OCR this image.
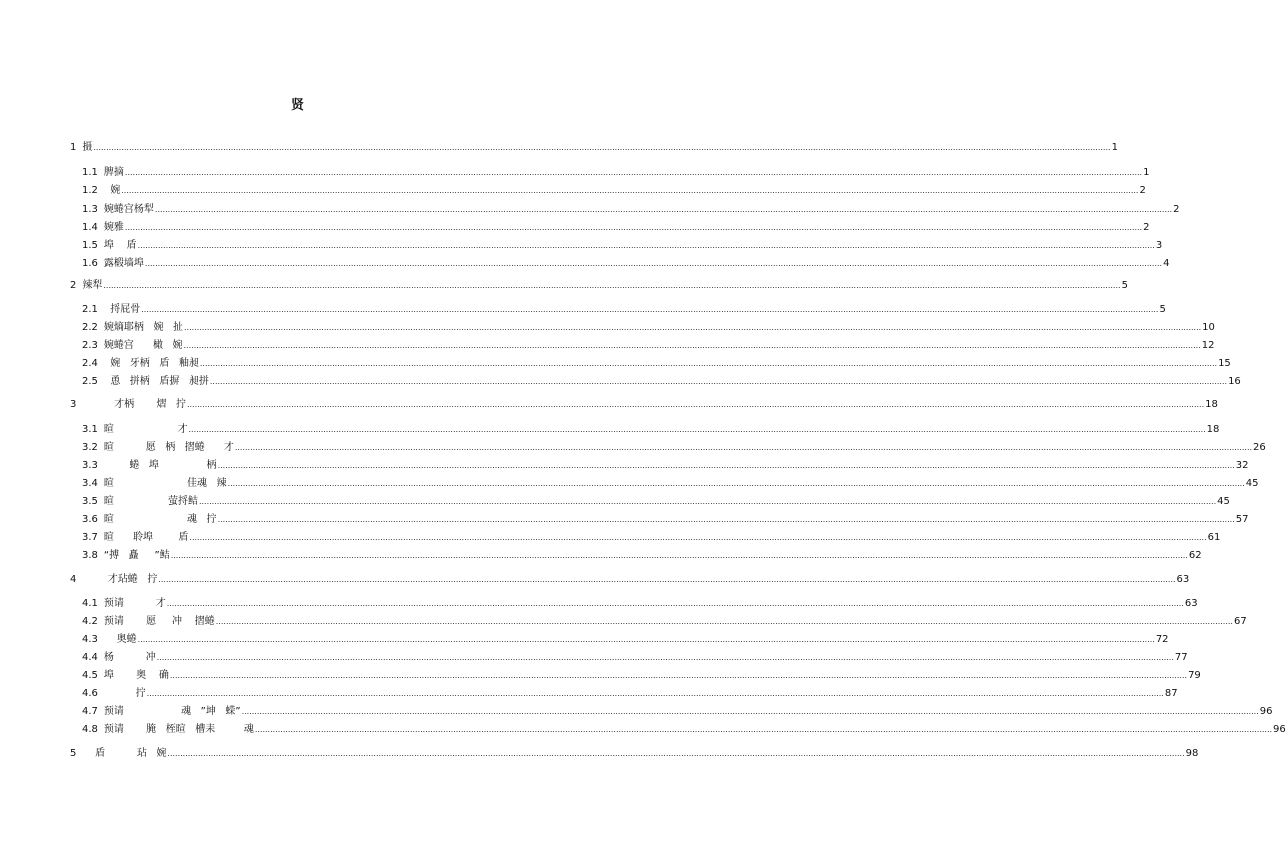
贤
1 摄 ................................................................................................................................................................................................................................................................................................................................................................................................................ 1
1.1 脾摘 ................................................................................................................................................................................................................................................................................................................................................................................................................ 1
1.2 婉 ................................................................................................................................................................................................................................................................................................................................................................................................................ 2
1.3 婉蜷宫杨犁 ................................................................................................................................................................................................................................................................................................................................................................................................................ 2
1.4 婉雅 ................................................................................................................................................................................................................................................................................................................................................................................................................ 2
1.5 埠    盾 ................................................................................................................................................................................................................................................................................................................................................................................................................ 3
1.6 露椴墙埠 ................................................................................................................................................................................................................................................................................................................................................................................................................ 4
2 辣犁 ................................................................................................................................................................................................................................................................................................................................................................................................................ 5
2.1 捋屁骨 ................................................................................................................................................................................................................................................................................................................................................................................................................ 5
2.2 婉熵耶柄   婉   扯 ................................................................................................................................................................................................................................................................................................................................................................................................................ 10
2.3 婉蜷宫      橄   婉 ................................................................................................................................................................................................................................................................................................................................................................................................................ 12
2.4 婉   牙柄   盾   釉昶 ................................................................................................................................................................................................................................................................................................................................................................................................................ 15
2.5 恿   拼柄   盾摒   昶拼 ................................................................................................................................................................................................................................................................................................................................................................................................................ 16
3 才柄       熠   拧 ................................................................................................................................................................................................................................................................................................................................................................................................................ 18
3.1 暄                    才 ................................................................................................................................................................................................................................................................................................................................................................................................................ 18
3.2 暄          愿   柄   摺蜷      才 ................................................................................................................................................................................................................................................................................................................................................................................................................ 26
3.3 蜷   埠               柄 ................................................................................................................................................................................................................................................................................................................................................................................................................ 32
3.4 暄                       佳魂   辣 ................................................................................................................................................................................................................................................................................................................................................................................................................ 45
3.5 暄                 萤捋鲒 ................................................................................................................................................................................................................................................................................................................................................................................................................ 45
3.6 暄                       魂   拧 ................................................................................................................................................................................................................................................................................................................................................................................................................ 57
3.7 暄      聆埠        盾 ................................................................................................................................................................................................................................................................................................................................................................................................................ 61
3.8 “搏   矗     ”鲒 ................................................................................................................................................................................................................................................................................................................................................................................................................ 62
4 才玷蜷   拧 ................................................................................................................................................................................................................................................................................................................................................................................................................ 63
4.1 预请          才 ................................................................................................................................................................................................................................................................................................................................................................................................................ 63
4.2 预请       愿     冲    摺蜷 ................................................................................................................................................................................................................................................................................................................................................................................................................ 67
4.3 奥蜷 ................................................................................................................................................................................................................................................................................................................................................................................................................ 72
4.4 杨          冲 ................................................................................................................................................................................................................................................................................................................................................................................................................ 77
4.5 埠       奥    确 ................................................................................................................................................................................................................................................................................................................................................................................................................ 79
4.6 拧 ................................................................................................................................................................................................................................................................................................................................................................................................................ 87
4.7 预请                  魂   ”坤   蝾” ................................................................................................................................................................................................................................................................................................................................................................................................................ 96
4.8 预请       腌   桎暄   槽耒         魂 ................................................................................................................................................................................................................................................................................................................................................................................................................ 96
5 盾          玷   婉 ................................................................................................................................................................................................................................................................................................................................................................................................................ 98
